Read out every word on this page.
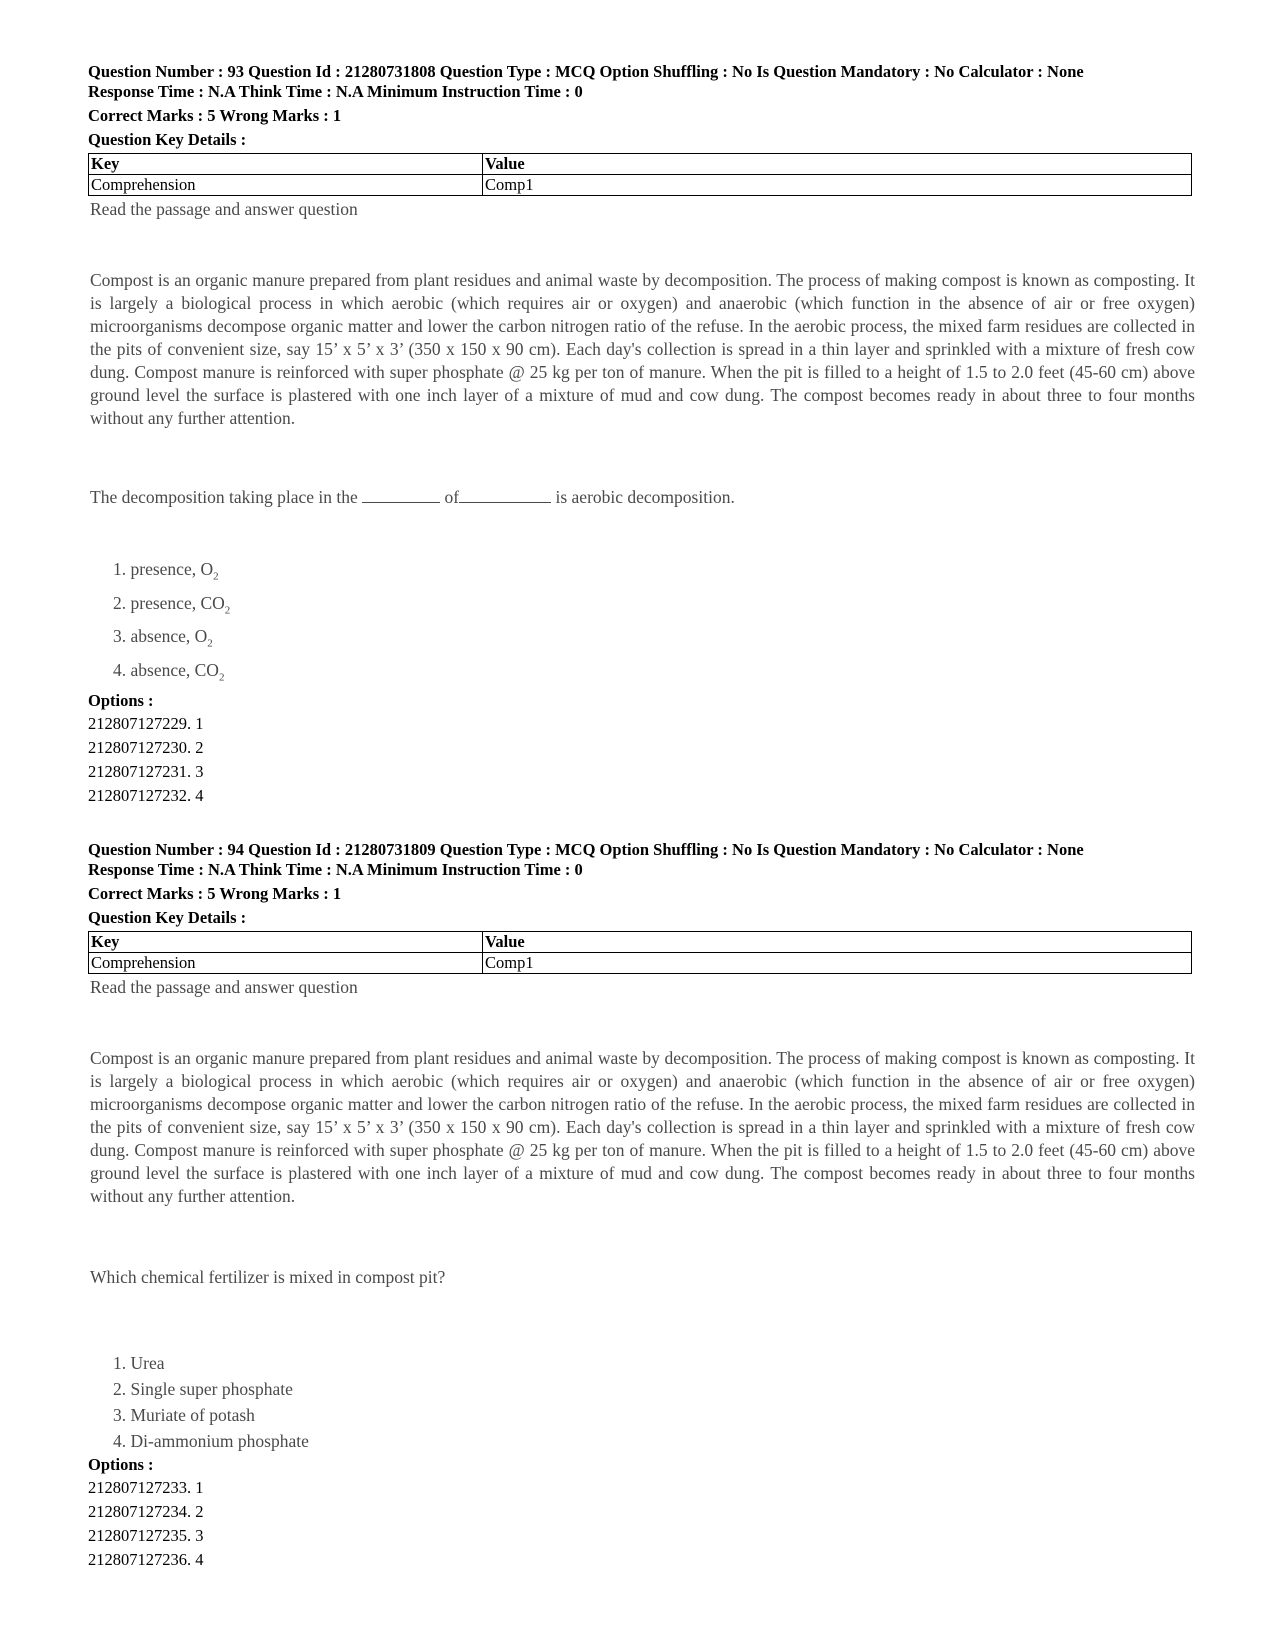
Question Number : 93 Question Id : 21280731808 Question Type : MCQ Option Shuffling : No Is Question Mandatory : No Calculator : None

Response Time : N.A Think Time : N.A Minimum Instruction Time : 0

Correct Marks : 5 Wrong Marks : 1

Question Key Details :

Key	Value
Comprehension	Comp1
Read the passage and answer question
Compost is an organic manure prepared from plant residues and animal waste by decomposition. The process of making compost is known as composting. It is largely a biological process in which aerobic (which requires air or oxygen) and anaerobic (which function in the absence of air or free oxygen) microorganisms decompose organic matter and lower the carbon nitrogen ratio of the refuse. In the aerobic process, the mixed farm residues are collected in the pits of convenient size, say 15’ x 5’ x 3’ (350 x 150 x 90 cm). Each day's collection is spread in a thin layer and sprinkled with a mixture of fresh cow dung. Compost manure is reinforced with super phosphate @ 25 kg per ton of manure. When the pit is filled to a height of 1.5 to 2.0 feet (45-60 cm) above ground level the surface is plastered with one inch layer of a mixture of mud and cow dung. The compost becomes ready in about three to four months without any further attention.
The decomposition taking place in the	of	is aerobic decomposition.
1. presence, $O_2$
2. presence, $CO_2$
3. absence, $O_2$
4. absence, $CO_2$

Options :

212807127229. 1

212807127230. 2

212807127231. 3

212807127232. 4

Question Number : 94 Question Id : 21280731809 Question Type : MCQ Option Shuffling : No Is Question Mandatory : No Calculator : None

Response Time : N.A Think Time : N.A Minimum Instruction Time : 0

Correct Marks : 5 Wrong Marks : 1

Question Key Details :

Key	Value
Comprehension	Comp1
Read the passage and answer question
Compost is an organic manure prepared from plant residues and animal waste by decomposition. The process of making compost is known as composting. It is largely a biological process in which aerobic (which requires air or oxygen) and anaerobic (which function in the absence of air or free oxygen) microorganisms decompose organic matter and lower the carbon nitrogen ratio of the refuse. In the aerobic process, the mixed farm residues are collected in the pits of convenient size, say 15’ x 5’ x 3’ (350 x 150 x 90 cm). Each day's collection is spread in a thin layer and sprinkled with a mixture of fresh cow dung. Compost manure is reinforced with super phosphate @ 25 kg per ton of manure. When the pit is filled to a height of 1.5 to 2.0 feet (45-60 cm) above ground level the surface is plastered with one inch layer of a mixture of mud and cow dung. The compost becomes ready in about three to four months without any further attention.
Which chemical fertilizer is mixed in compost pit?
1. Urea
2. Single super phosphate
3. Muriate of potash
4. Di-ammonium phosphate

Options :

212807127233. 1

212807127234. 2

212807127235. 3

212807127236. 4
